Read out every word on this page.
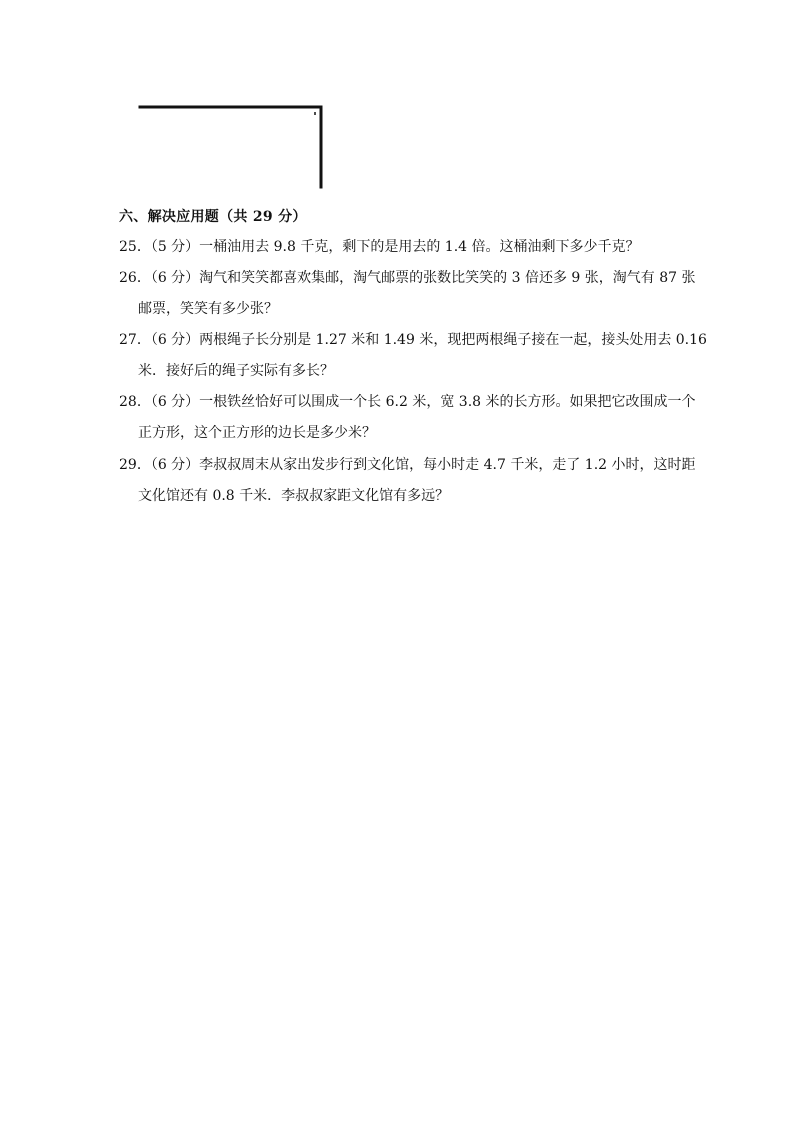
六、解决应用题（共 29 分）
25．（5 分）一桶油用去 9.8 千克，剩下的是用去的 1.4 倍。这桶油剩下多少千克？
26．（6 分）淘气和笑笑都喜欢集邮，淘气邮票的张数比笑笑的 3 倍还多 9 张，淘气有 87 张
邮票，笑笑有多少张？
27．（6 分）两根绳子长分别是 1.27 米和 1.49 米，现把两根绳子接在一起，接头处用去 0.16
米．接好后的绳子实际有多长？
28．（6 分）一根铁丝恰好可以围成一个长 6.2 米，宽 3.8 米的长方形。如果把它改围成一个
正方形，这个正方形的边长是多少米？
29．（6 分）李叔叔周末从家出发步行到文化馆，每小时走 4.7 千米，走了 1.2 小时，这时距
文化馆还有 0.8 千米．李叔叔家距文化馆有多远？
